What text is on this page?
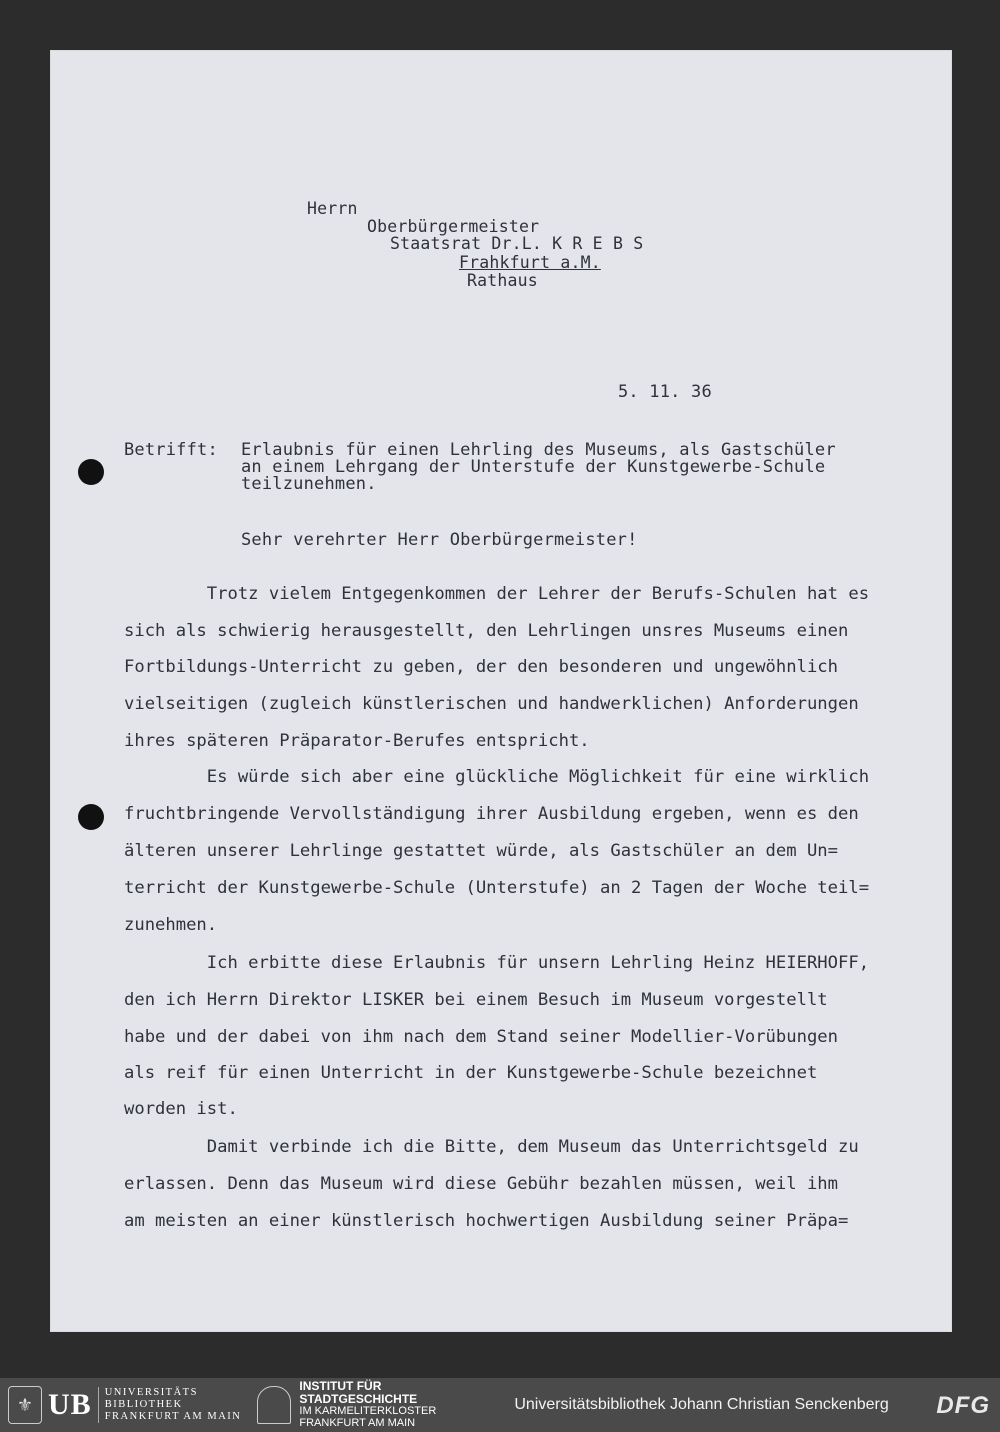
Herrn
Oberbürgermeister
Staatsrat Dr.L. K R E B S
Frahkfurt a.M.
Rathaus
5. 11. 36
Betrifft: Erlaubnis für einen Lehrling des Museums, als Gastschüler
an einem Lehrgang der Unterstufe der Kunstgewerbe-Schule
teilzunehmen.
Sehr verehrter Herr Oberbürgermeister!
Trotz vielem Entgegenkommen der Lehrer der Berufs-Schulen hat es
sich als schwierig herausgestellt, den Lehrlingen unsres Museums einen
Fortbildungs-Unterricht zu geben, der den besonderen und ungewöhnlich
vielseitigen (zugleich künstlerischen und handwerklichen) Anforderungen
ihres späteren Präparator-Berufes entspricht.
Es würde sich aber eine glückliche Möglichkeit für eine wirklich
fruchtbringende Vervollständigung ihrer Ausbildung ergeben, wenn es den
älteren unserer Lehrlinge gestattet würde, als Gastschüler an dem Un=
terricht der Kunstgewerbe-Schule (Unterstufe) an 2 Tagen der Woche teil=
zunehmen.
Ich erbitte diese Erlaubnis für unsern Lehrling Heinz HEIERHOFF,
den ich Herrn Direktor LISKER bei einem Besuch im Museum vorgestellt
habe und der dabei von ihm nach dem Stand seiner Modellier-Vorübungen
als reif für einen Unterricht in der Kunstgewerbe-Schule bezeichnet
worden ist.
Damit verbinde ich die Bitte, dem Museum das Unterrichtsgeld zu
erlassen. Denn das Museum wird diese Gebühr bezahlen müssen, weil ihm
am meisten an einer künstlerisch hochwertigen Ausbildung seiner Präpa=
⚜ UB UNIVERSITÄTS
BIBLIOTHEK
FRANKFURT AM MAIN
INSTITUT FÜR
STADTGESCHICHTE
IM KARMELITERKLOSTER
FRANKFURT AM MAIN
Universitätsbibliothek Johann Christian Senckenberg DFG
